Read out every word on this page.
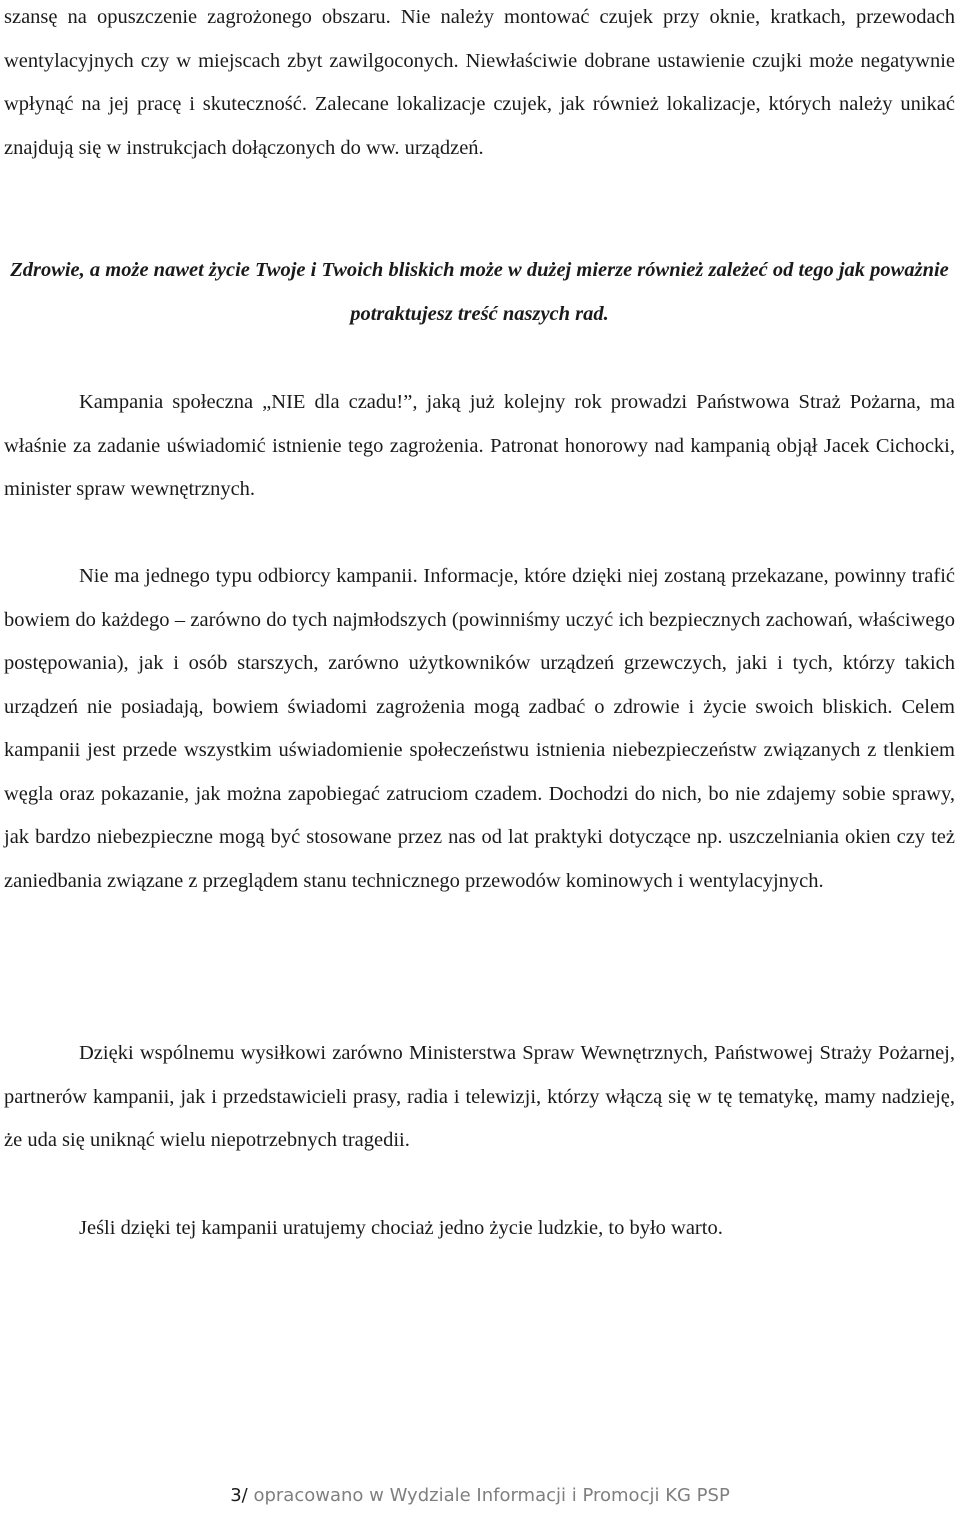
szansę na opuszczenie zagrożonego obszaru. Nie należy montować czujek przy oknie, kratkach, przewodach wentylacyjnych czy w miejscach zbyt zawilgoconych. Niewłaściwie dobrane ustawienie czujki może negatywnie wpłynąć na jej pracę i skuteczność. Zalecane lokalizacje czujek, jak również lokalizacje, których należy unikać znajdują się w instrukcjach dołączonych do ww. urządzeń.

Zdrowie, a może nawet życie Twoje i Twoich bliskich może w dużej mierze również zależeć od tego jak poważnie potraktujesz treść naszych rad.

Kampania społeczna „NIE dla czadu!”, jaką już kolejny rok prowadzi Państwowa Straż Pożarna, ma właśnie za zadanie uświadomić istnienie tego zagrożenia. Patronat honorowy nad kampanią objął Jacek Cichocki, minister spraw wewnętrznych.

Nie ma jednego typu odbiorcy kampanii. Informacje, które dzięki niej zostaną przekazane, powinny trafić bowiem do każdego – zarówno do tych najmłodszych (powinniśmy uczyć ich bezpiecznych zachowań, właściwego postępowania), jak i osób starszych, zarówno użytkowników urządzeń grzewczych, jaki i tych, którzy takich urządzeń nie posiadają, bowiem świadomi zagrożenia mogą zadbać o zdrowie i życie swoich bliskich. Celem kampanii jest przede wszystkim uświadomienie społeczeństwu istnienia niebezpieczeństw związanych z tlenkiem węgla oraz pokazanie, jak można zapobiegać zatruciom czadem. Dochodzi do nich, bo nie zdajemy sobie sprawy, jak bardzo niebezpieczne mogą być stosowane przez nas od lat praktyki dotyczące np. uszczelniania okien czy też zaniedbania związane z przeglądem stanu technicznego przewodów kominowych i wentylacyjnych.

Dzięki wspólnemu wysiłkowi zarówno Ministerstwa Spraw Wewnętrznych, Państwowej Straży Pożarnej, partnerów kampanii, jak i przedstawicieli prasy, radia i telewizji, którzy włączą się w tę tematykę, mamy nadzieję, że uda się uniknąć wielu niepotrzebnych tragedii.

Jeśli dzięki tej kampanii uratujemy chociaż jedno życie ludzkie, to było warto.

3/ opracowano w Wydziale Informacji i Promocji KG PSP
